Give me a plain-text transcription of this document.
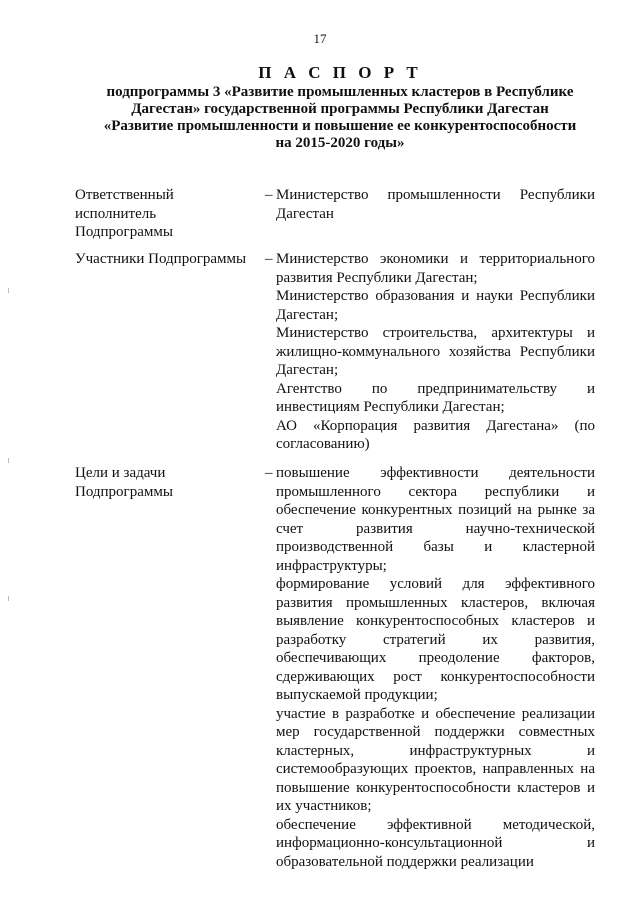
17
П А С П О Р Т
подпрограммы 3 «Развитие промышленных кластеров в Республике
Дагестан» государственной программы Республики Дагестан
«Развитие промышленности и повышение ее конкурентоспособности
на 2015-2020 годы»
Ответственный исполнитель Подпрограммы
– Министерство промышленности Республики Дагестан

Участники Подпрограммы	– Министерство экономики и территориального развития Республики Дагестан;

Министерство образования и науки Республики Дагестан;

Министерство строительства, архитектуры и жилищно-коммунального хозяйства Республики Дагестан;

Агентство по предпринимательству и инвестициям Республики Дагестан;

АО «Корпорация развития Дагестана» (по согласованию)

Цели и задачи Подпрограммы
– повышение эффективности деятельности промышленного сектора республики и обеспечение конкурентных позиций на рынке за счет развития научно-технической производственной базы и кластерной инфраструктуры;

формирование условий для эффективного развития промышленных кластеров, включая выявление конкурентоспособных кластеров и разработку стратегий их развития, обеспечивающих преодоление факторов, сдерживающих рост конкурентоспособности выпускаемой продукции;

участие в разработке и обеспечение реализации мер государственной поддержки совместных кластерных, инфраструктурных и системообразующих проектов, направленных на повышение конкурентоспособности кластеров и их участников;

обеспечение эффективной методической, информационно-консультационной и образовательной поддержки реализации
